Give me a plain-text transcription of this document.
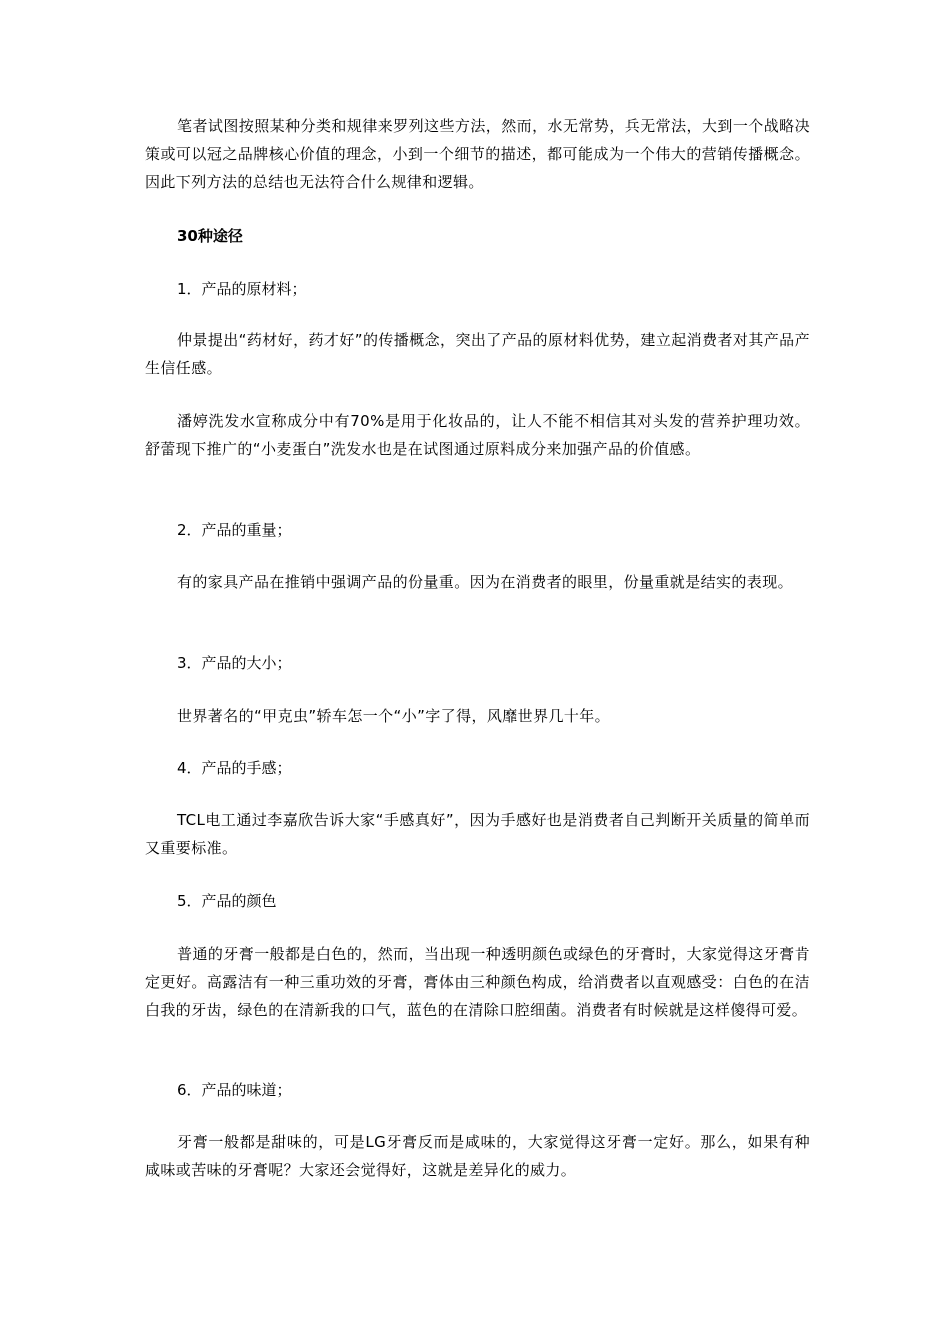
笔者试图按照某种分类和规律来罗列这些方法，然而，水无常势，兵无常法，大到一个战略决策或可以冠之品牌核心价值的理念，小到一个细节的描述，都可能成为一个伟大的营销传播概念。因此下列方法的总结也无法符合什么规律和逻辑。

30种途径

1．产品的原材料；

仲景提出“药材好，药才好”的传播概念，突出了产品的原材料优势，建立起消费者对其产品产生信任感。

潘婷洗发水宣称成分中有70%是用于化妆品的，让人不能不相信其对头发的营养护理功效。舒蕾现下推广的“小麦蛋白”洗发水也是在试图通过原料成分来加强产品的价值感。

2．产品的重量；

有的家具产品在推销中强调产品的份量重。因为在消费者的眼里，份量重就是结实的表现。

3．产品的大小；

世界著名的“甲克虫”轿车怎一个“小”字了得，风靡世界几十年。

4．产品的手感；

TCL电工通过李嘉欣告诉大家“手感真好”，因为手感好也是消费者自己判断开关质量的简单而又重要标准。

5．产品的颜色

普通的牙膏一般都是白色的，然而，当出现一种透明颜色或绿色的牙膏时，大家觉得这牙膏肯定更好。高露洁有一种三重功效的牙膏，膏体由三种颜色构成，给消费者以直观感受：白色的在洁白我的牙齿，绿色的在清新我的口气，蓝色的在清除口腔细菌。消费者有时候就是这样傻得可爱。

6．产品的味道；

牙膏一般都是甜味的，可是LG牙膏反而是咸味的，大家觉得这牙膏一定好。那么，如果有种咸味或苦味的牙膏呢？大家还会觉得好，这就是差异化的威力。
